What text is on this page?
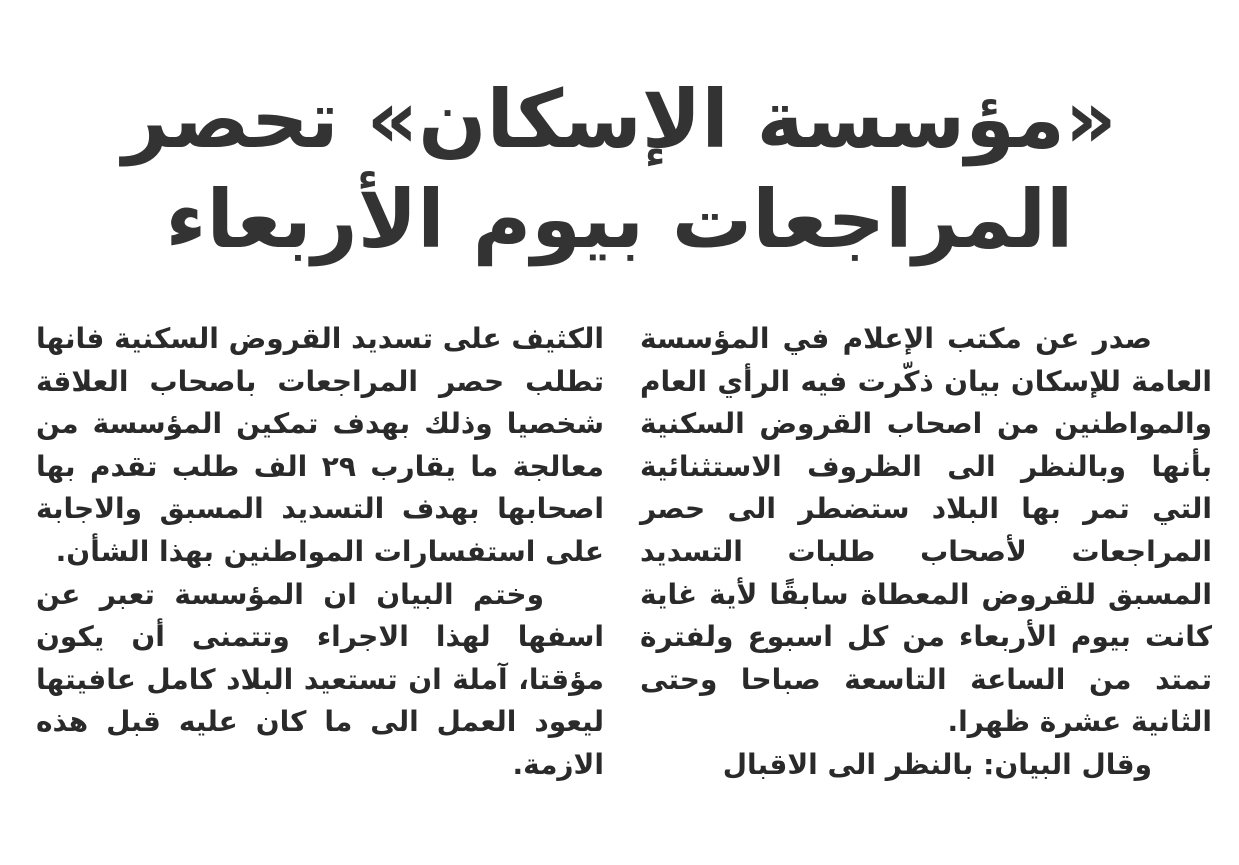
«مؤسسة الإسكان» تحصر
المراجعات بيوم الأربعاء

صدر عن مكتب الإعلام في المؤسسة العامة للإسكان بيان ذكّرت فيه الرأي العام والمواطنين من اصحاب القروض السكنية بأنها وبالنظر الى الظروف الاستثنائية التي تمر بها البلاد ستضطر الى حصر المراجعات لأصحاب طلبات التسديد المسبق للقروض المعطاة سابقًا لأية غاية كانت بيوم الأربعاء من كل اسبوع ولفترة تمتد من الساعة التاسعة صباحا وحتى الثانية عشرة ظهرا.

وقال البيان: بالنظر الى الاقبال

الكثيف على تسديد القروض السكنية فانها تطلب حصر المراجعات باصحاب العلاقة شخصيا وذلك بهدف تمكين المؤسسة من معالجة ما يقارب ٢٩ الف طلب تقدم بها اصحابها بهدف التسديد المسبق والاجابة على استفسارات المواطنين بهذا الشأن.

وختم البيان ان المؤسسة تعبر عن اسفها لهذا الاجراء وتتمنى أن يكون مؤقتا، آملة ان تستعيد البلاد كامل عافيتها ليعود العمل الى ما كان عليه قبل هذه الازمة.
